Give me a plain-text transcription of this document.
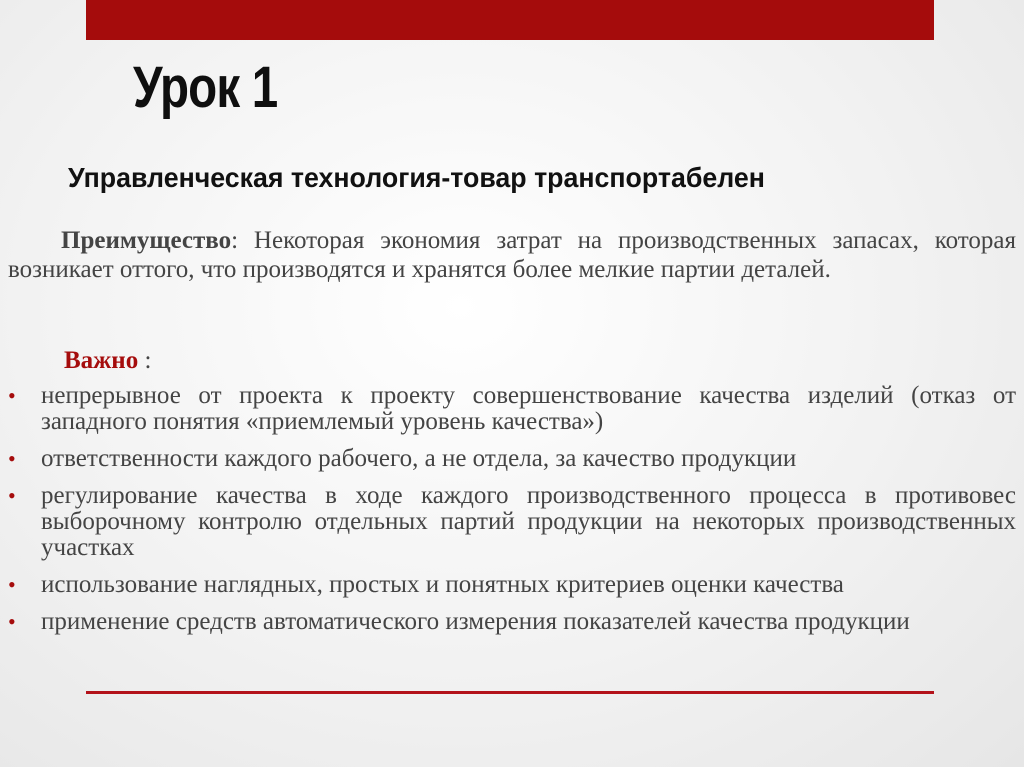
Урок 1
Управленческая технология-товар транспортабелен

Преимущество: Некоторая экономия затрат на производственных запасах, которая возникает оттого, что производятся и хранятся более мелкие партии деталей.

Важно :

• непрерывное от проекта к проекту совершенствование качества изделий (отказ от западного понятия «приемлемый уровень качества»)
• ответственности каждого рабочего, а не отдела, за качество продукции
• регулирование качества в ходе каждого производственного процесса в противовес выборочному контролю отдельных партий продукции на некоторых производственных участках
• использование наглядных, простых и понятных критериев оценки качества
• применение средств автоматического измерения показателей качества продукции
